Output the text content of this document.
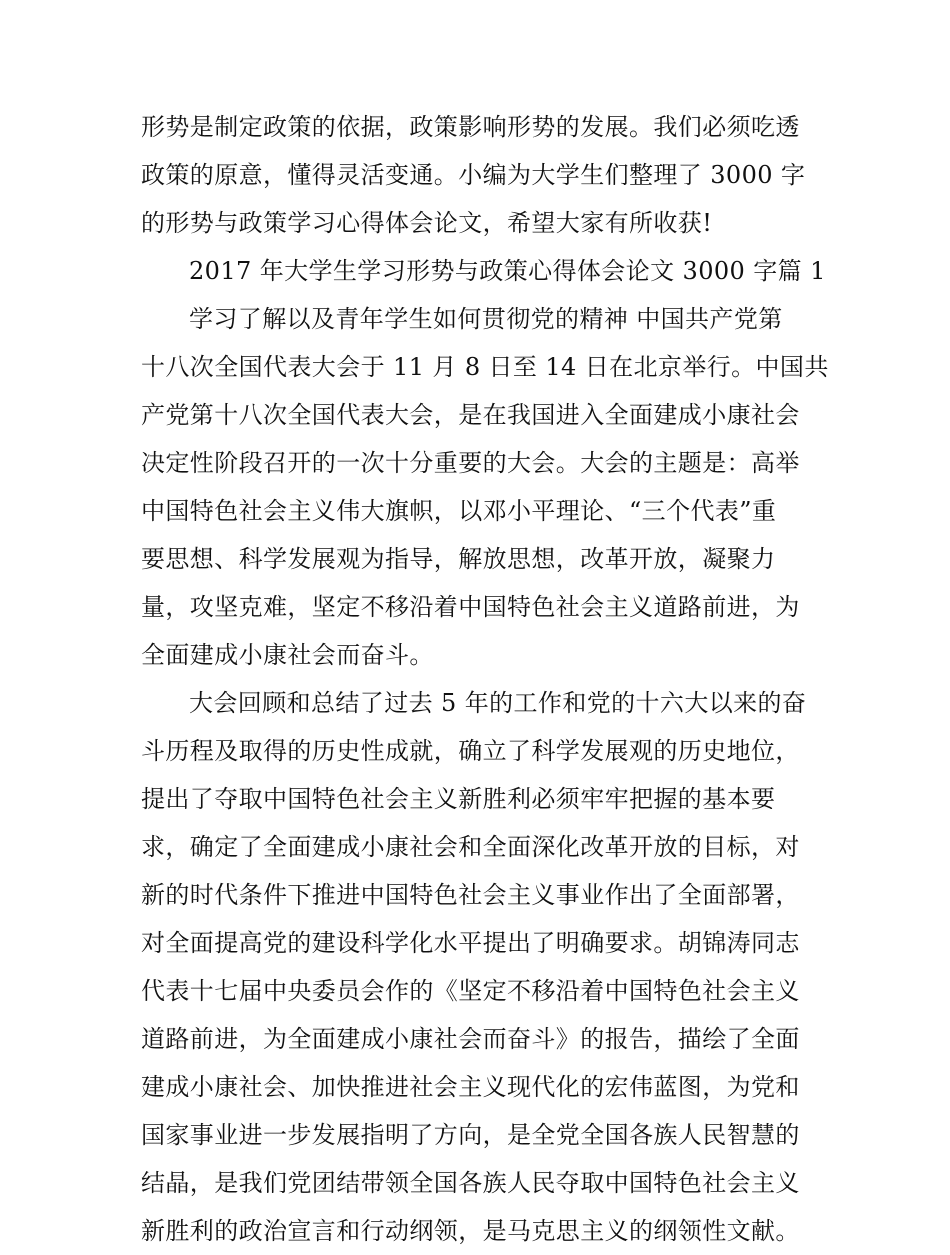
形势是制定政策的依据，政策影响形势的发展。我们必须吃透
政策的原意，懂得灵活变通。小编为大学生们整理了 3000 字
的形势与政策学习心得体会论文，希望大家有所收获!
2017 年大学生学习形势与政策心得体会论文 3000 字篇 1
学习了解以及青年学生如何贯彻党的精神 中国共产党第
十八次全国代表大会于 11 月 8 日至 14 日在北京举行。中国共
产党第十八次全国代表大会，是在我国进入全面建成小康社会
决定性阶段召开的一次十分重要的大会。大会的主题是：高举
中国特色社会主义伟大旗帜，以邓小平理论、“三个代表”重
要思想、科学发展观为指导，解放思想，改革开放，凝聚力
量，攻坚克难，坚定不移沿着中国特色社会主义道路前进，为
全面建成小康社会而奋斗。
大会回顾和总结了过去 5 年的工作和党的十六大以来的奋
斗历程及取得的历史性成就，确立了科学发展观的历史地位，
提出了夺取中国特色社会主义新胜利必须牢牢把握的基本要
求，确定了全面建成小康社会和全面深化改革开放的目标，对
新的时代条件下推进中国特色社会主义事业作出了全面部署，
对全面提高党的建设科学化水平提出了明确要求。胡锦涛同志
代表十七届中央委员会作的《坚定不移沿着中国特色社会主义
道路前进，为全面建成小康社会而奋斗》的报告，描绘了全面
建成小康社会、加快推进社会主义现代化的宏伟蓝图，为党和
国家事业进一步发展指明了方向，是全党全国各族人民智慧的
结晶，是我们党团结带领全国各族人民夺取中国特色社会主义
新胜利的政治宣言和行动纲领，是马克思主义的纲领性文献。
